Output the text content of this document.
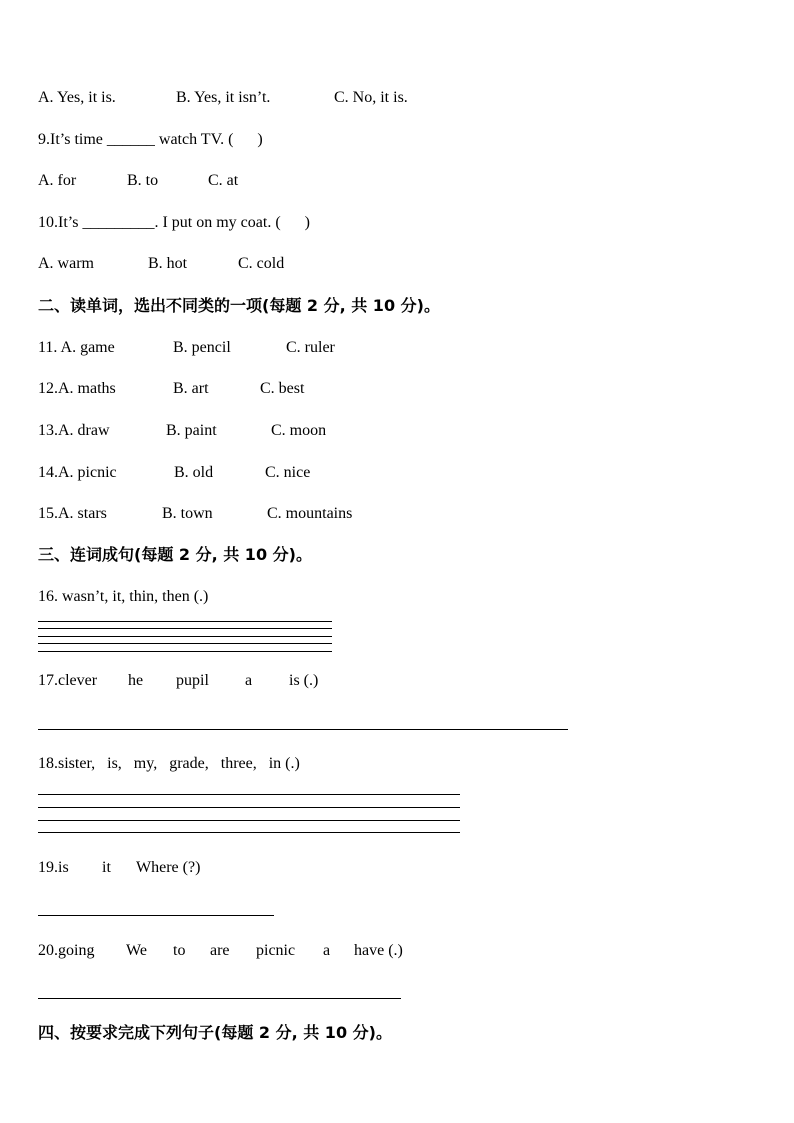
A. Yes, it is.	B. Yes, it isn’t.	C. No, it is.
9.It’s time ______ watch TV. (      )
A. for	B. to	C. at
10.It’s _________. I put on my coat. (      )
A. warm	B. hot	C. cold
二、读单词，选出不同类的一项(每题 2 分, 共 10 分)。
11. A. game	B. pencil	C. ruler
12.A. maths	B. art	C. best
13.A. draw	B. paint	C. moon
14.A. picnic	B. old	C. nice
15.A. stars	B. town	C. mountains
三、连词成句(每题 2 分, 共 10 分)。
16. wasn’t, it, thin, then (.)
17.clever he pupil a is (.)
18.sister,   is,   my,   grade,   three,   in (.)
19.is it Where (?)
20.going We to are picnic a have (.)
四、按要求完成下列句子(每题 2 分, 共 10 分)。
